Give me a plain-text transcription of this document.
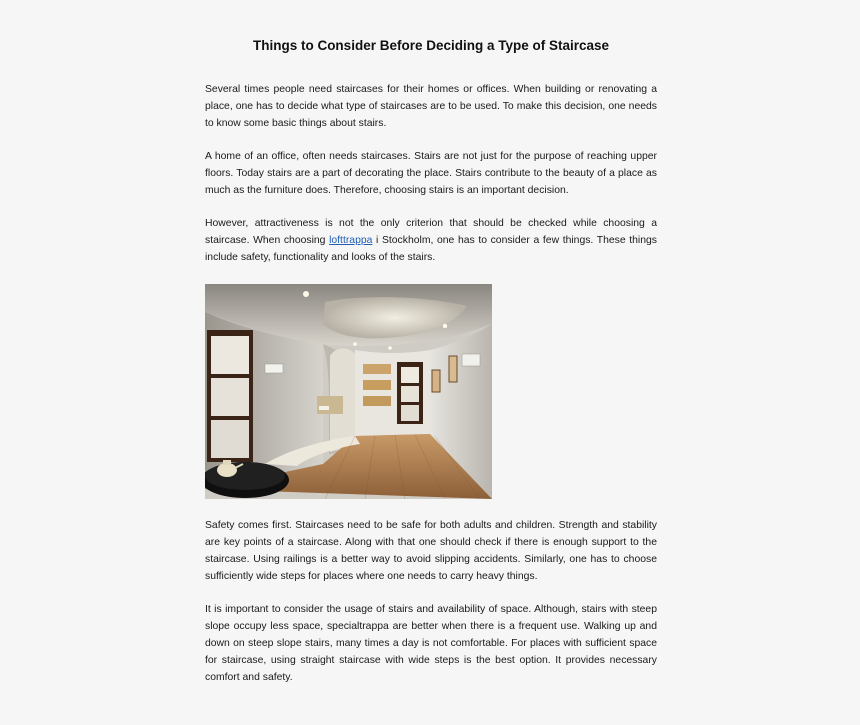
Things to Consider Before Deciding a Type of Staircase

Several times people need staircases for their homes or offices. When building or renovating a place, one has to decide what type of staircases are to be used. To make this decision, one needs to know some basic things about stairs.

A home of an office, often needs staircases. Stairs are not just for the purpose of reaching upper floors. Today stairs are a part of decorating the place. Stairs contribute to the beauty of a place as much as the furniture does. Therefore, choosing stairs is an important decision.

However, attractiveness is not the only criterion that should be checked while choosing a staircase. When choosing lofttrappa i Stockholm, one has to consider a few things. These things include safety, functionality and looks of the stairs.

Safety comes first. Staircases need to be safe for both adults and children. Strength and stability are key points of a staircase. Along with that one should check if there is enough support to the staircase. Using railings is a better way to avoid slipping accidents. Similarly, one has to choose sufficiently wide steps for places where one needs to carry heavy things.

It is important to consider the usage of stairs and availability of space. Although, stairs with steep slope occupy less space, specialtrappa are better when there is a frequent use. Walking up and down on steep slope stairs, many times a day is not comfortable. For places with sufficient space for staircase, using straight staircase with wide steps is the best option. It provides necessary comfort and safety.
